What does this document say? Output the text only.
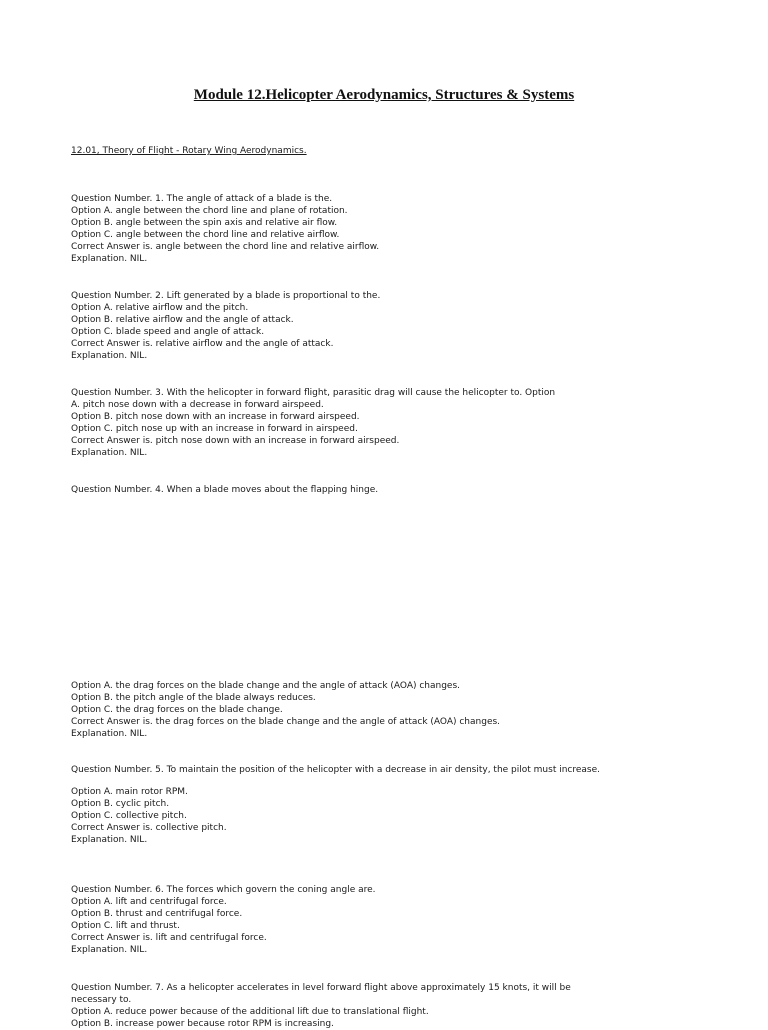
Module 12.Helicopter Aerodynamics, Structures & Systems
12.01, Theory of Flight - Rotary Wing Aerodynamics.
Question Number. 1. The angle of attack of a blade is the.
Option A. angle between the chord line and plane of rotation.
Option B. angle between the spin axis and relative air flow.
Option C. angle between the chord line and relative airflow.
Correct Answer is. angle between the chord line and relative airflow.
Explanation. NIL.
Question Number. 2. Lift generated by a blade is proportional to the.
Option A. relative airflow and the pitch.
Option B. relative airflow and the angle of attack.
Option C. blade speed and angle of attack.
Correct Answer is. relative airflow and the angle of attack.
Explanation. NIL.
Question Number. 3. With the helicopter in forward flight, parasitic drag will cause the helicopter to. Option
A. pitch nose down with a decrease in forward airspeed.
Option B. pitch nose down with an increase in forward airspeed.
Option C. pitch nose up with an increase in forward in airspeed.
Correct Answer is. pitch nose down with an increase in forward airspeed.
Explanation. NIL.
Question Number. 4. When a blade moves about the flapping hinge.
Option A. the drag forces on the blade change and the angle of attack (AOA) changes.
Option B. the pitch angle of the blade always reduces.
Option C. the drag forces on the blade change.
Correct Answer is. the drag forces on the blade change and the angle of attack (AOA) changes.
Explanation. NIL.
Question Number. 5. To maintain the position of the helicopter with a decrease in air density, the pilot must increase.
Option A. main rotor RPM.
Option B. cyclic pitch.
Option C. collective pitch.
Correct Answer is. collective pitch.
Explanation. NIL.
Question Number. 6. The forces which govern the coning angle are.
Option A. lift and centrifugal force.
Option B. thrust and centrifugal force.
Option C. lift and thrust.
Correct Answer is. lift and centrifugal force.
Explanation. NIL.
Question Number. 7. As a helicopter accelerates in level forward flight above approximately 15 knots, it will be
necessary to.
Option A. reduce power because of the additional lift due to translational flight.
Option B. increase power because rotor RPM is increasing.
